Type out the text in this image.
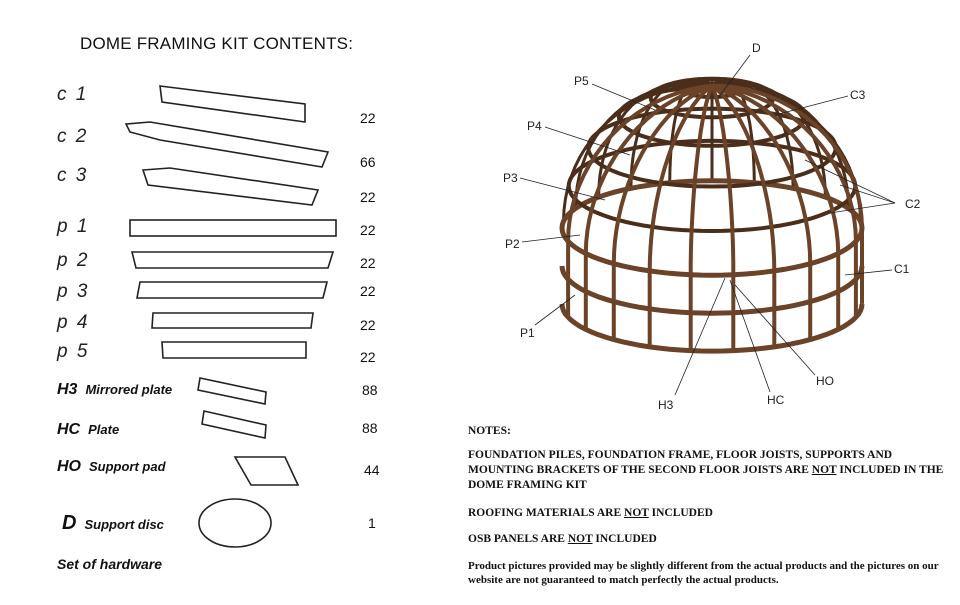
DOME FRAMING KIT CONTENTS:
c 1
c 2
c 3
p 1
p 2
p 3
p 4
p 5
22
66
22
22
22
22
22
22
H3 Mirrored plate
HC Plate
HO Support pad
D Support disc
88
88
44
1
Set of hardware
D
P5
C3
P4
P3
C2
P2
C1
P1
HO
HC
H3
NOTES:
FOUNDATION PILES, FOUNDATION FRAME, FLOOR JOISTS, SUPPORTS AND MOUNTING BRACKETS OF THE SECOND FLOOR JOISTS ARE NOT INCLUDED IN THE DOME FRAMING KIT
ROOFING MATERIALS ARE NOT INCLUDED
OSB PANELS ARE NOT INCLUDED
Product pictures provided may be slightly different from the actual products and the pictures on our website are not guaranteed to match perfectly the actual products.
